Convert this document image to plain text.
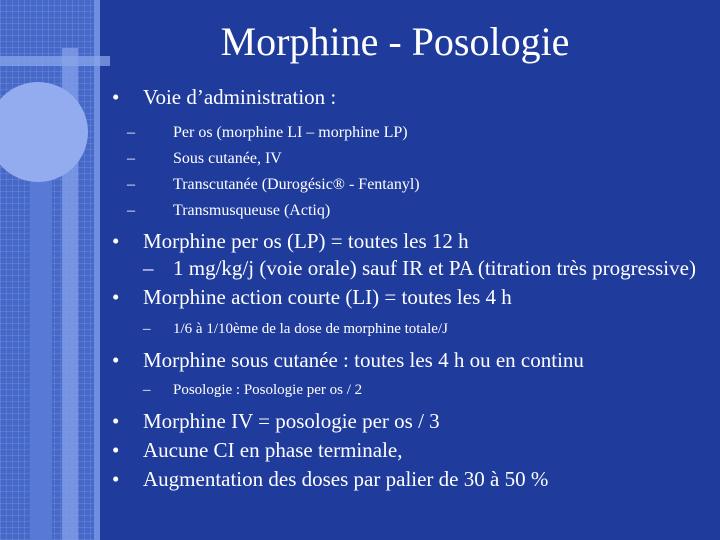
Morphine - Posologie
•	Voie d’administration :
– Per os (morphine LI – morphine LP)
– Sous cutanée, IV
– Transcutanée (Durogésic® - Fentanyl)
– Transmusqueuse (Actiq)
•	Morphine per os (LP) = toutes les 12 h
– 1 mg/kg/j (voie orale) sauf IR et PA (titration très progressive)
•	Morphine action courte (LI) = toutes les 4 h
– 1/6 à 1/10ème de la dose de morphine totale/J
•	Morphine sous cutanée : toutes les 4 h ou en continu
– Posologie : Posologie per os / 2
•	Morphine IV = posologie per os / 3
•	Aucune CI en phase terminale,
•	Augmentation des doses par palier de 30 à 50 %
